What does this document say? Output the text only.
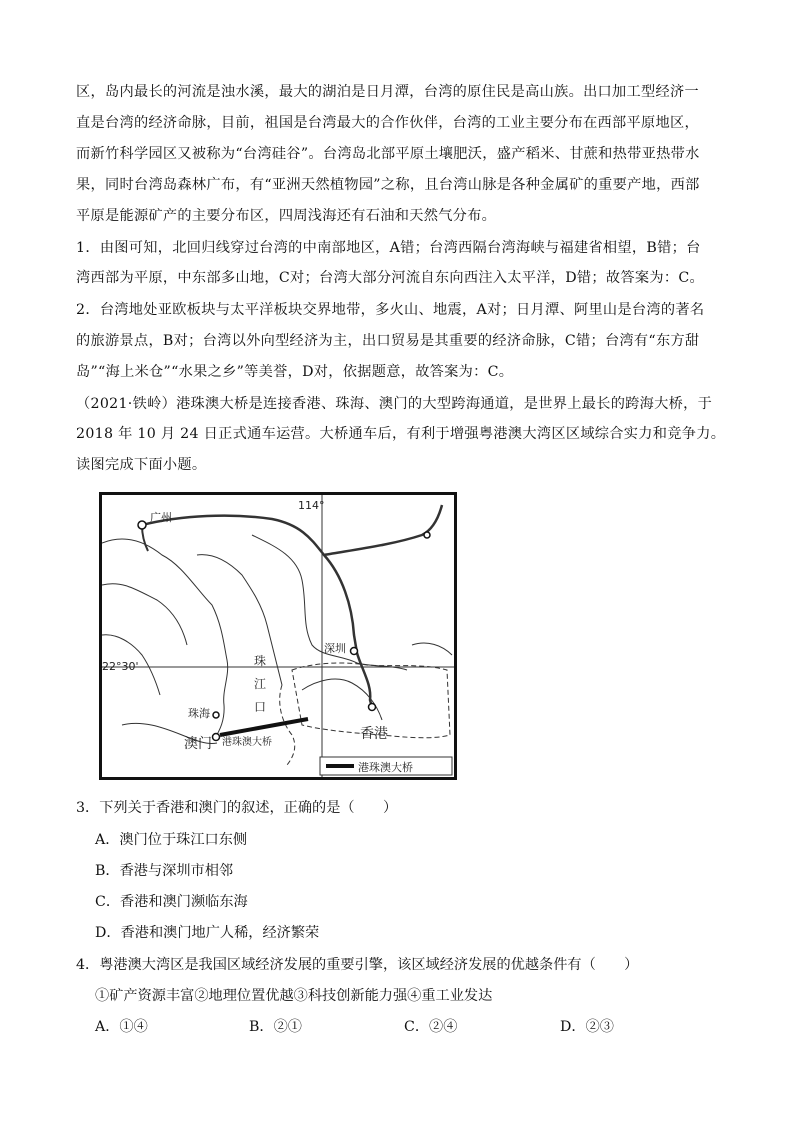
区，岛内最长的河流是浊水溪，最大的湖泊是日月潭，台湾的原住民是高山族。出口加工型经济一
直是台湾的经济命脉，目前，祖国是台湾最大的合作伙伴，台湾的工业主要分布在西部平原地区，
而新竹科学园区又被称为“台湾硅谷”。台湾岛北部平原土壤肥沃，盛产稻米、甘蔗和热带亚热带水
果，同时台湾岛森林广布，有“亚洲天然植物园”之称，且台湾山脉是各种金属矿的重要产地，西部
平原是能源矿产的主要分布区，四周浅海还有石油和天然气分布。
1．由图可知，北回归线穿过台湾的中南部地区，A错；台湾西隔台湾海峡与福建省相望，B错；台
湾西部为平原，中东部多山地，C对；台湾大部分河流自东向西注入太平洋，D错；故答案为：C。
2．台湾地处亚欧板块与太平洋板块交界地带，多火山、地震，A对；日月潭、阿里山是台湾的著名
的旅游景点，B对；台湾以外向型经济为主，出口贸易是其重要的经济命脉，C错；台湾有“东方甜
岛”“海上米仓”“水果之乡”等美誉，D对，依据题意，故答案为：C。
（2021·铁岭）港珠澳大桥是连接香港、珠海、澳门的大型跨海通道，是世界上最长的跨海大桥，于
2018 年 10 月 24 日正式通车运营。大桥通车后，有利于增强粤港澳大湾区区域综合实力和竞争力。
读图完成下面小题。
广州
114°
22°30'
深圳
珠
江
口
珠海
澳门 港珠澳大桥
香港
港珠澳大桥
3．下列关于香港和澳门的叙述，正确的是（　　）
A．澳门位于珠江口东侧
B．香港与深圳市相邻
C．香港和澳门濒临东海
D．香港和澳门地广人稀，经济繁荣
4．粤港澳大湾区是我国区域经济发展的重要引擎，该区域经济发展的优越条件有（　　）
①矿产资源丰富②地理位置优越③科技创新能力强④重工业发达
A．①④	B．②①	C．②④	D．②③
